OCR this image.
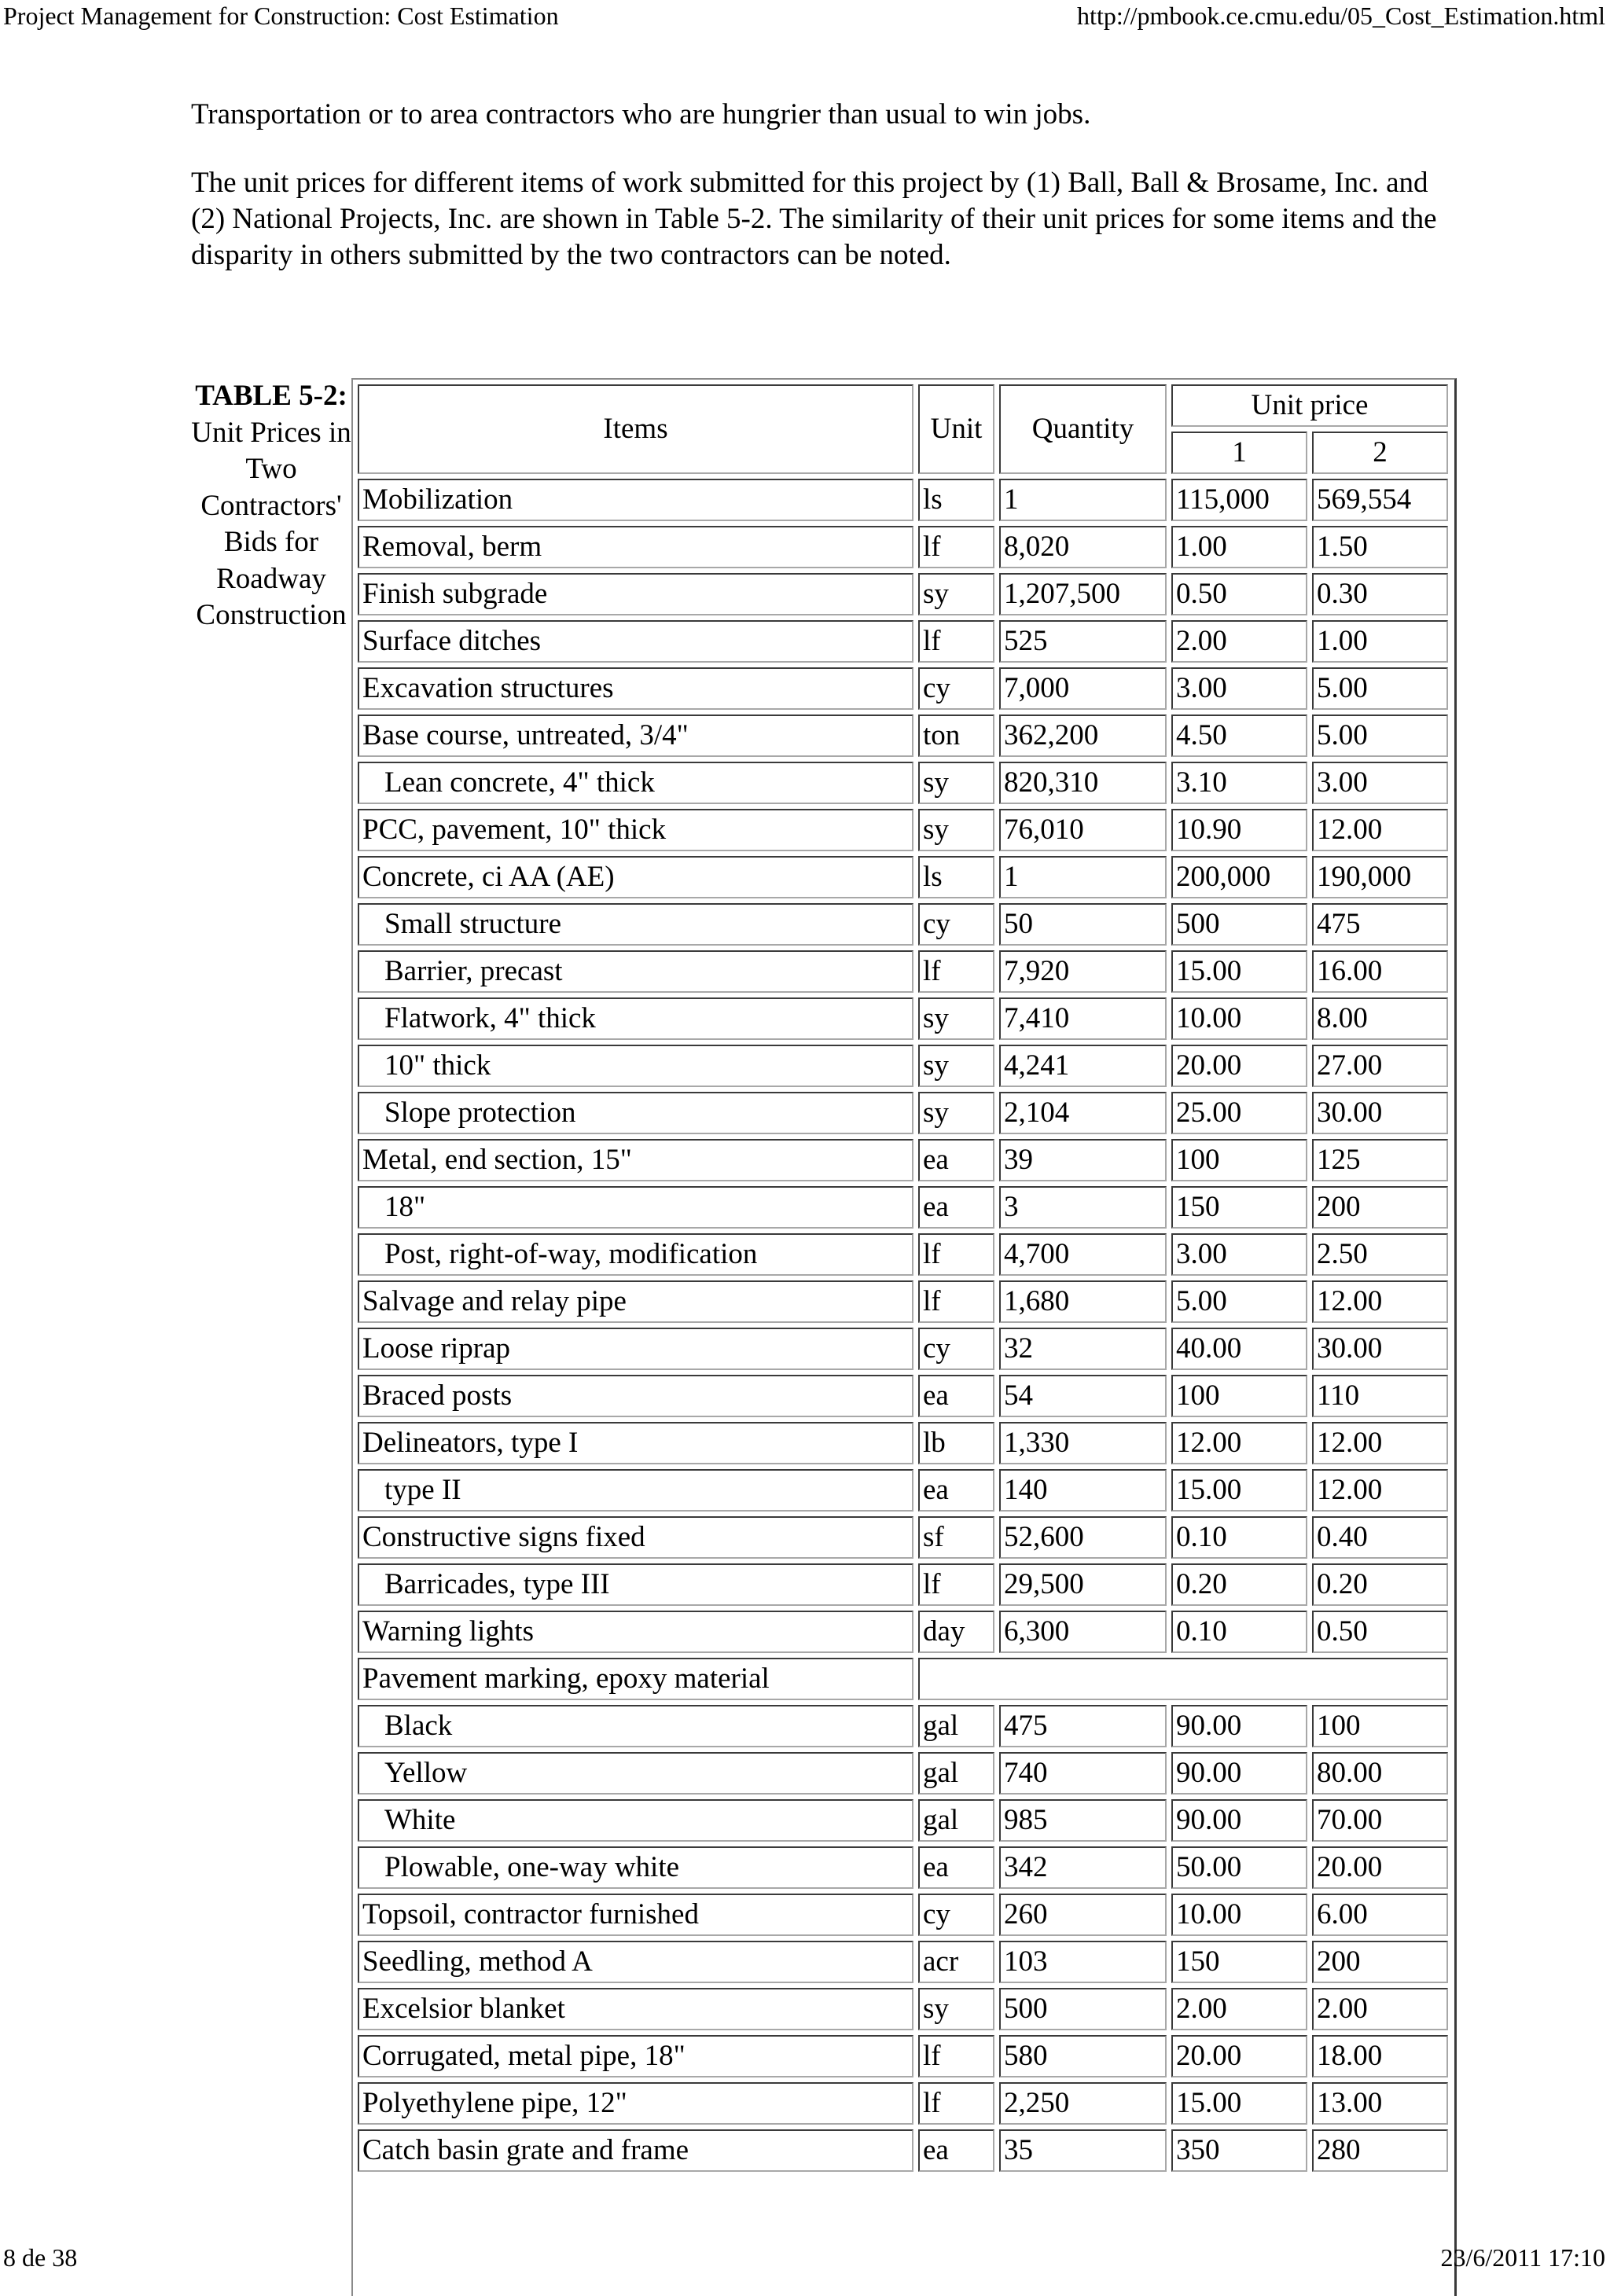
Project Management for Construction: Cost Estimation	http://pmbook.ce.cmu.edu/05_Cost_Estimation.html

Transportation or to area contractors who are hungrier than usual to win jobs.

The unit prices for different items of work submitted for this project by (1) Ball, Ball & Brosame, Inc. and (2) National Projects, Inc. are shown in Table 5-2. The similarity of their unit prices for some items and the disparity in others submitted by the two contractors can be noted.

TABLE 5-2: Unit Prices in Two Contractors' Bids for Roadway Construction
Items	Unit	Quantity	Unit price	
			1	2
Mobilization	ls	1	115,000	569,554
Removal, berm	lf	8,020	1.00	1.50
Finish subgrade	sy	1,207,500	0.50	0.30
Surface ditches	lf	525	2.00	1.00
Excavation structures	cy	7,000	3.00	5.00
Base course, untreated, 3/4"	ton	362,200	4.50	5.00
Lean concrete, 4" thick	sy	820,310	3.10	3.00
PCC, pavement, 10" thick	sy	76,010	10.90	12.00
Concrete, ci AA (AE)	ls	1	200,000	190,000
Small structure	cy	50	500	475
Barrier, precast	lf	7,920	15.00	16.00
Flatwork, 4" thick	sy	7,410	10.00	8.00
10" thick	sy	4,241	20.00	27.00
Slope protection	sy	2,104	25.00	30.00
Metal, end section, 15"	ea	39	100	125
18"	ea	3	150	200
Post, right-of-way, modification	lf	4,700	3.00	2.50
Salvage and relay pipe	lf	1,680	5.00	12.00
Loose riprap	cy	32	40.00	30.00
Braced posts	ea	54	100	110
Delineators, type I	lb	1,330	12.00	12.00
type II	ea	140	15.00	12.00
Constructive signs fixed	sf	52,600	0.10	0.40
Barricades, type III	lf	29,500	0.20	0.20
Warning lights	day	6,300	0.10	0.50
Pavement marking, epoxy material				
Black	gal	475	90.00	100
Yellow	gal	740	90.00	80.00
White	gal	985	90.00	70.00
Plowable, one-way white	ea	342	50.00	20.00
Topsoil, contractor furnished	cy	260	10.00	6.00
Seedling, method A	acr	103	150	200
Excelsior blanket	sy	500	2.00	2.00
Corrugated, metal pipe, 18"	lf	580	20.00	18.00
Polyethylene pipe, 12"	lf	2,250	15.00	13.00
Catch basin grate and frame	ea	35	350	280
8 de 38	23/6/2011 17:10
